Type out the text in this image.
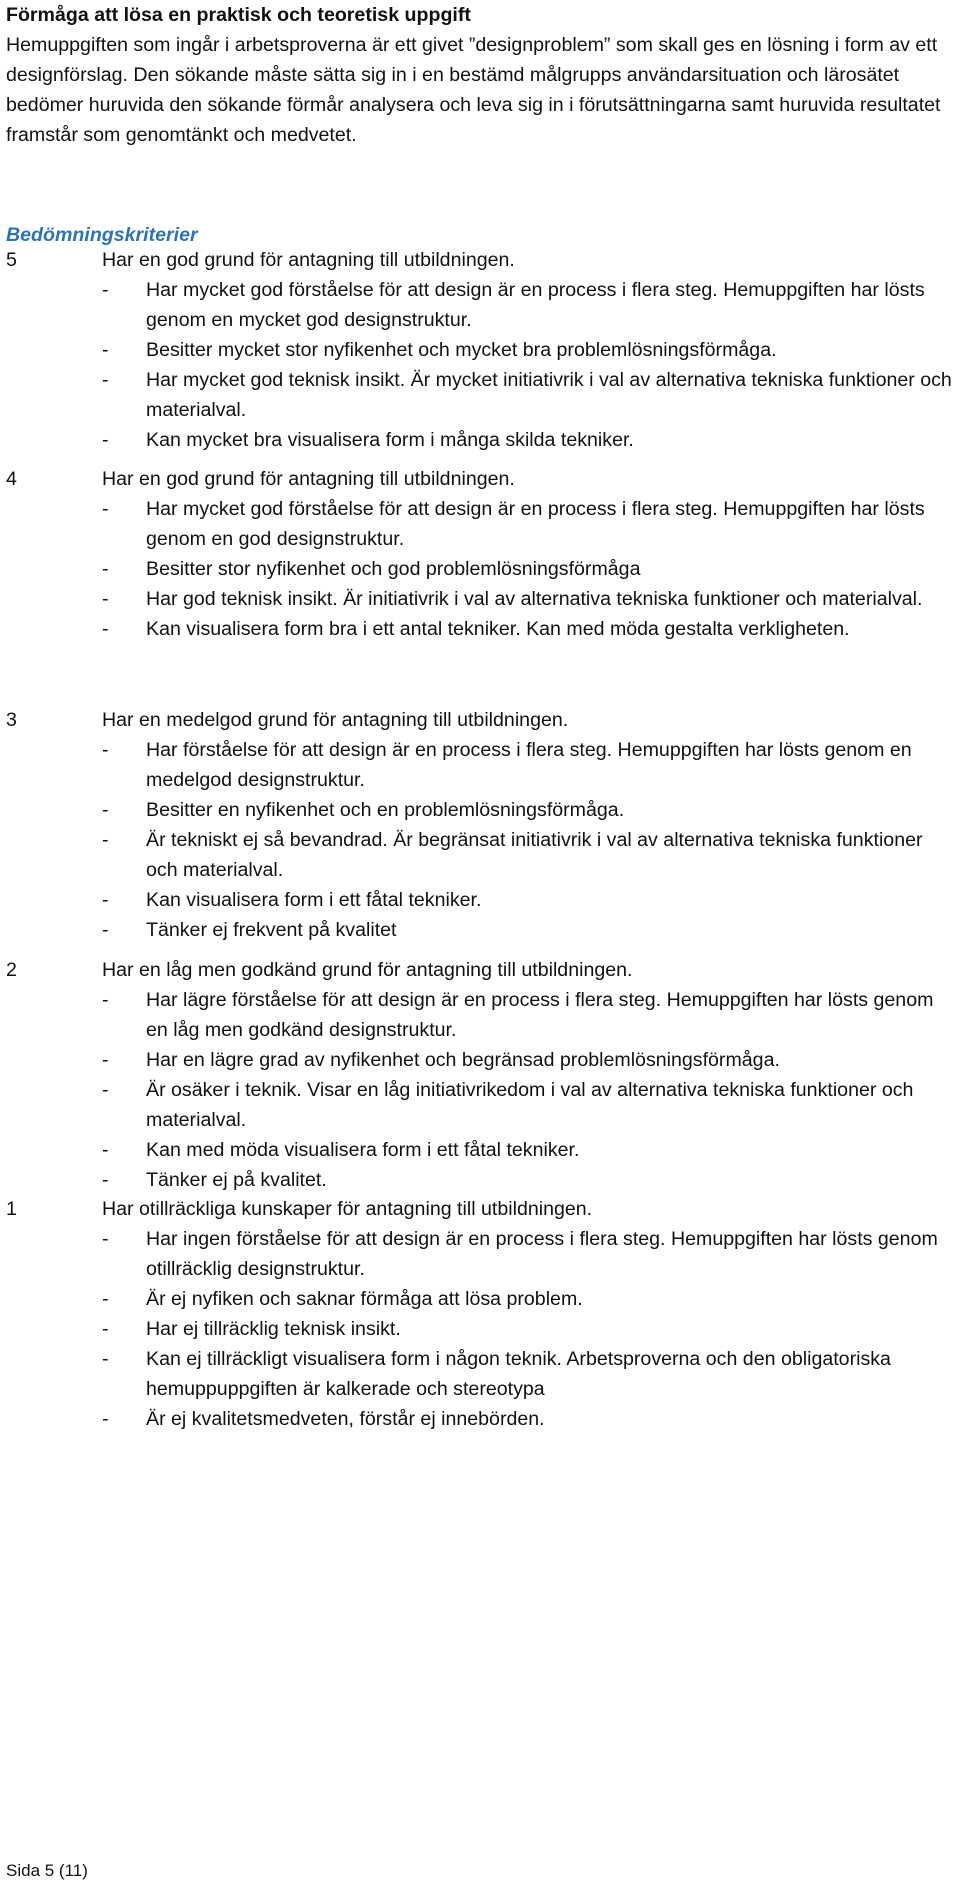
Förmåga att lösa en praktisk och teoretisk uppgift

Hemuppgiften som ingår i arbetsproverna är ett givet ”designproblem” som skall ges en lösning i form av ett designförslag. Den sökande måste sätta sig in i en bestämd målgrupps användarsituation och lärosätet bedömer huruvida den sökande förmår analysera och leva sig in i förutsättningarna samt huruvida resultatet framstår som genomtänkt och medvetet.

Bedömningskriterier
5	Har en god grund för antagning till utbildningen.
- Har mycket god förståelse för att design är en process i flera steg. Hemuppgiften har lösts genom en mycket god designstruktur.
- Besitter mycket stor nyfikenhet och mycket bra problemlösningsförmåga.
- Har mycket god teknisk insikt. Är mycket initiativrik i val av alternativa tekniska funktioner och materialval.
- Kan mycket bra visualisera form i många skilda tekniker.
4	Har en god grund för antagning till utbildningen.
- Har mycket god förståelse för att design är en process i flera steg. Hemuppgiften har lösts genom en god designstruktur.
- Besitter stor nyfikenhet och god problemlösningsförmåga
- Har god teknisk insikt. Är initiativrik i val av alternativa tekniska funktioner och materialval.
- Kan visualisera form bra i ett antal tekniker. Kan med möda gestalta verkligheten.
3	Har en medelgod grund för antagning till utbildningen.
- Har förståelse för att design är en process i flera steg. Hemuppgiften har lösts genom en medelgod designstruktur.
- Besitter en nyfikenhet och en problemlösningsförmåga.
- Är tekniskt ej så bevandrad. Är begränsat initiativrik i val av alternativa tekniska funktioner och materialval.
- Kan visualisera form i ett fåtal tekniker.
- Tänker ej frekvent på kvalitet
2	Har en låg men godkänd grund för antagning till utbildningen.
- Har lägre förståelse för att design är en process i flera steg. Hemuppgiften har lösts genom en låg men godkänd designstruktur.
- Har en lägre grad av nyfikenhet och begränsad problemlösningsförmåga.
- Är osäker i teknik. Visar en låg initiativrikedom i val av alternativa tekniska funktioner och materialval.
- Kan med möda visualisera form i ett fåtal tekniker.
- Tänker ej på kvalitet.
1	Har otillräckliga kunskaper för antagning till utbildningen.
- Har ingen förståelse för att design är en process i flera steg. Hemuppgiften har lösts genom otillräcklig designstruktur.
- Är ej nyfiken och saknar förmåga att lösa problem.
- Har ej tillräcklig teknisk insikt.
- Kan ej tillräckligt visualisera form i någon teknik. Arbetsproverna och den obligatoriska hemuppuppgiften är kalkerade och stereotypa
- Är ej kvalitetsmedveten, förstår ej innebörden.
Sida 5 (11)
